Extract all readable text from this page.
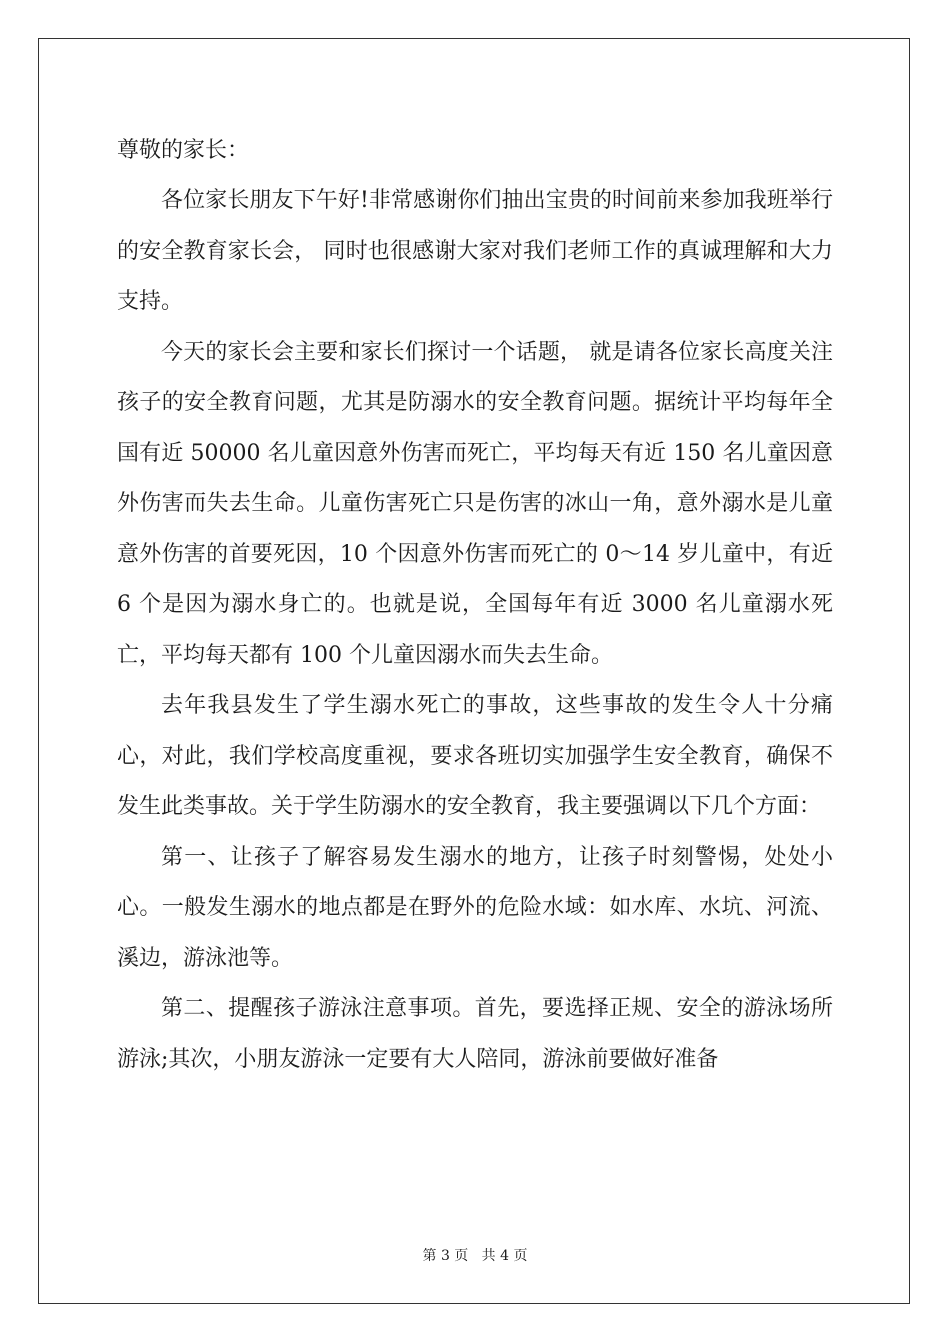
尊敬的家长：

各位家长朋友下午好!非常感谢你们抽出宝贵的时间前来参加我班举行的安全教育家长会， 同时也很感谢大家对我们老师工作的真诚理解和大力支持。

今天的家长会主要和家长们探讨一个话题， 就是请各位家长高度关注孩子的安全教育问题，尤其是防溺水的安全教育问题。据统计平均每年全国有近 50000 名儿童因意外伤害而死亡，平均每天有近 150 名儿童因意外伤害而失去生命。儿童伤害死亡只是伤害的冰山一角，意外溺水是儿童意外伤害的首要死因，10 个因意外伤害而死亡的 0～14 岁儿童中，有近 6 个是因为溺水身亡的。也就是说，全国每年有近 3000 名儿童溺水死亡，平均每天都有 100 个儿童因溺水而失去生命。

去年我县发生了学生溺水死亡的事故，这些事故的发生令人十分痛心，对此，我们学校高度重视，要求各班切实加强学生安全教育，确保不发生此类事故。关于学生防溺水的安全教育，我主要强调以下几个方面：

第一、让孩子了解容易发生溺水的地方，让孩子时刻警惕，处处小心。一般发生溺水的地点都是在野外的危险水域：如水库、水坑、河流、溪边，游泳池等。

第二、提醒孩子游泳注意事项。首先，要选择正规、安全的游泳场所游泳;其次，小朋友游泳一定要有大人陪同，游泳前要做好准备

第 3 页 共 4 页
